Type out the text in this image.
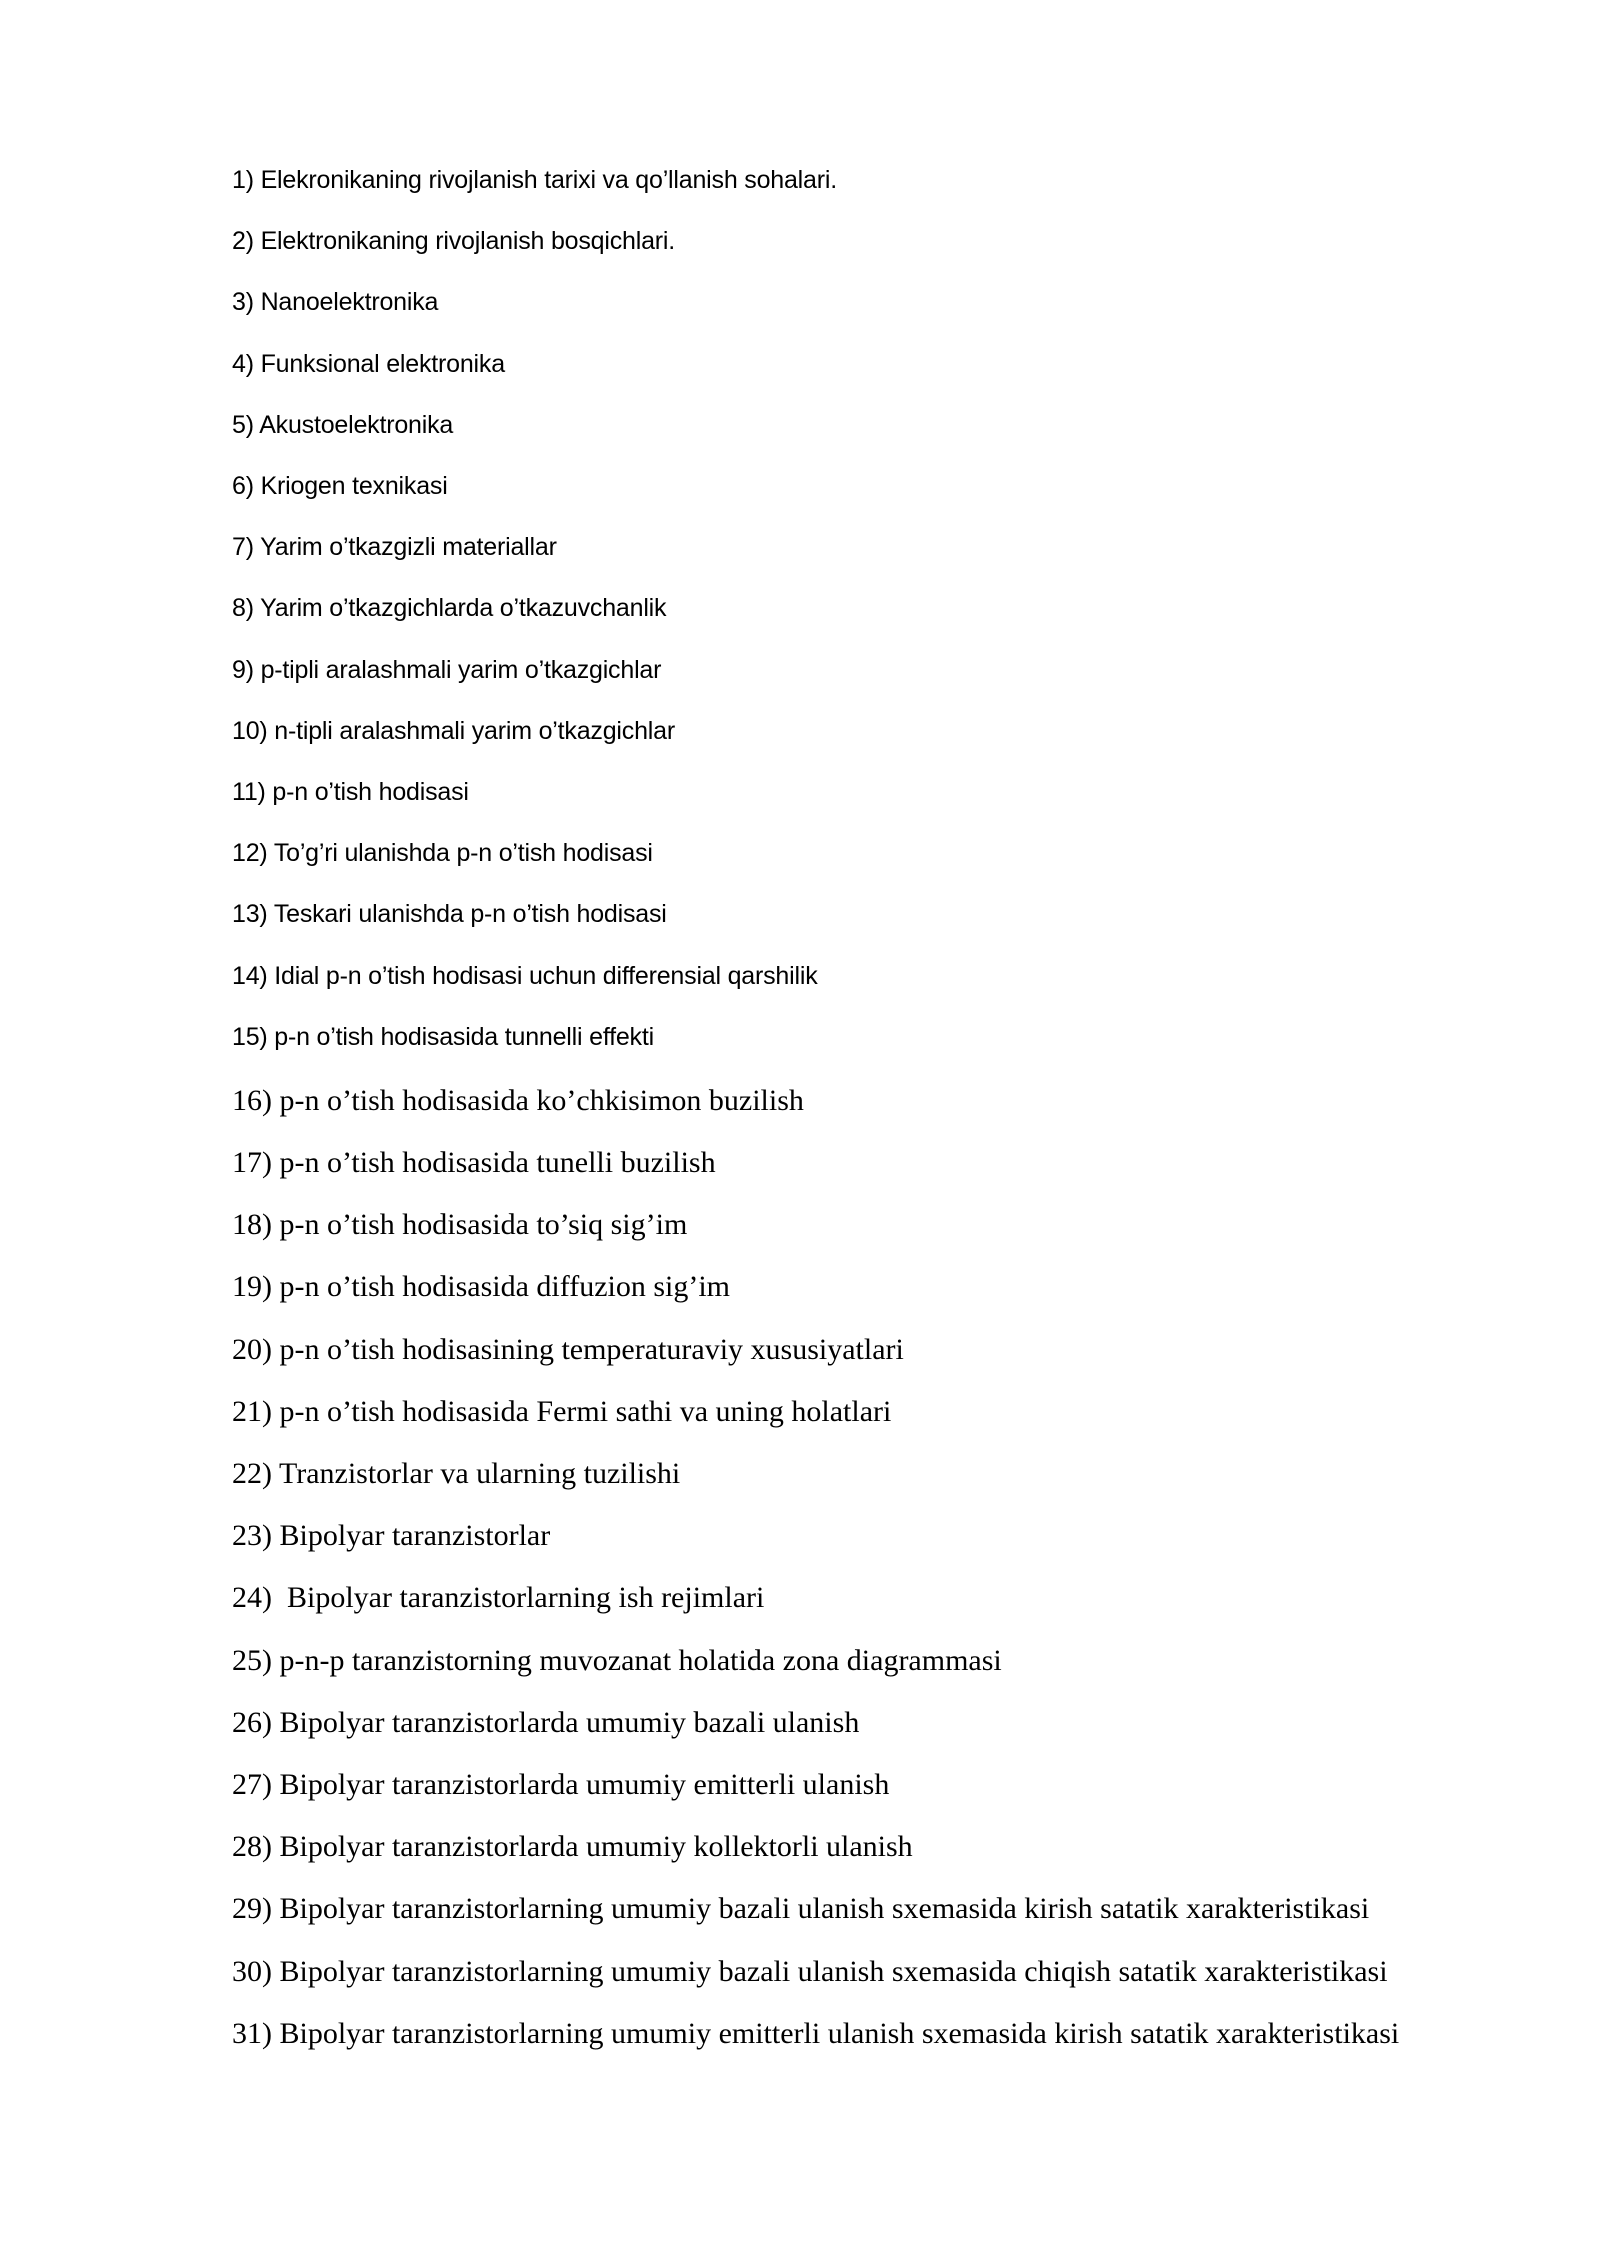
1) Elekronikaning rivojlanish tarixi va qo’llanish sohalari.
2) Elektronikaning rivojlanish bosqichlari.
3) Nanoelektronika
4) Funksional elektronika
5) Akustoelektronika
6) Kriogen texnikasi
7) Yarim o’tkazgizli materiallar
8) Yarim o’tkazgichlarda o’tkazuvchanlik
9) p-tipli aralashmali yarim o’tkazgichlar
10) n-tipli aralashmali yarim o’tkazgichlar
11) p-n o’tish hodisasi
12) To’g’ri ulanishda p-n o’tish hodisasi
13) Teskari ulanishda p-n o’tish hodisasi
14) Idial p-n o’tish hodisasi uchun differensial qarshilik
15) p-n o’tish hodisasida tunnelli effekti
16) p-n o’tish hodisasida ko’chkisimon buzilish
17) p-n o’tish hodisasida tunelli buzilish
18) p-n o’tish hodisasida to’siq sig’im
19) p-n o’tish hodisasida diffuzion sig’im
20) p-n o’tish hodisasining temperaturaviy xususiyatlari
21) p-n o’tish hodisasida Fermi sathi va uning holatlari
22) Tranzistorlar va ularning tuzilishi
23) Bipolyar taranzistorlar
24)  Bipolyar taranzistorlarning ish rejimlari
25) p-n-p taranzistorning muvozanat holatida zona diagrammasi
26) Bipolyar taranzistorlarda umumiy bazali ulanish
27) Bipolyar taranzistorlarda umumiy emitterli ulanish
28) Bipolyar taranzistorlarda umumiy kollektorli ulanish
29) Bipolyar taranzistorlarning umumiy bazali ulanish sxemasida kirish satatik xarakteristikasi
30) Bipolyar taranzistorlarning umumiy bazali ulanish sxemasida chiqish satatik xarakteristikasi
31) Bipolyar taranzistorlarning umumiy emitterli ulanish sxemasida kirish satatik xarakteristikasi
